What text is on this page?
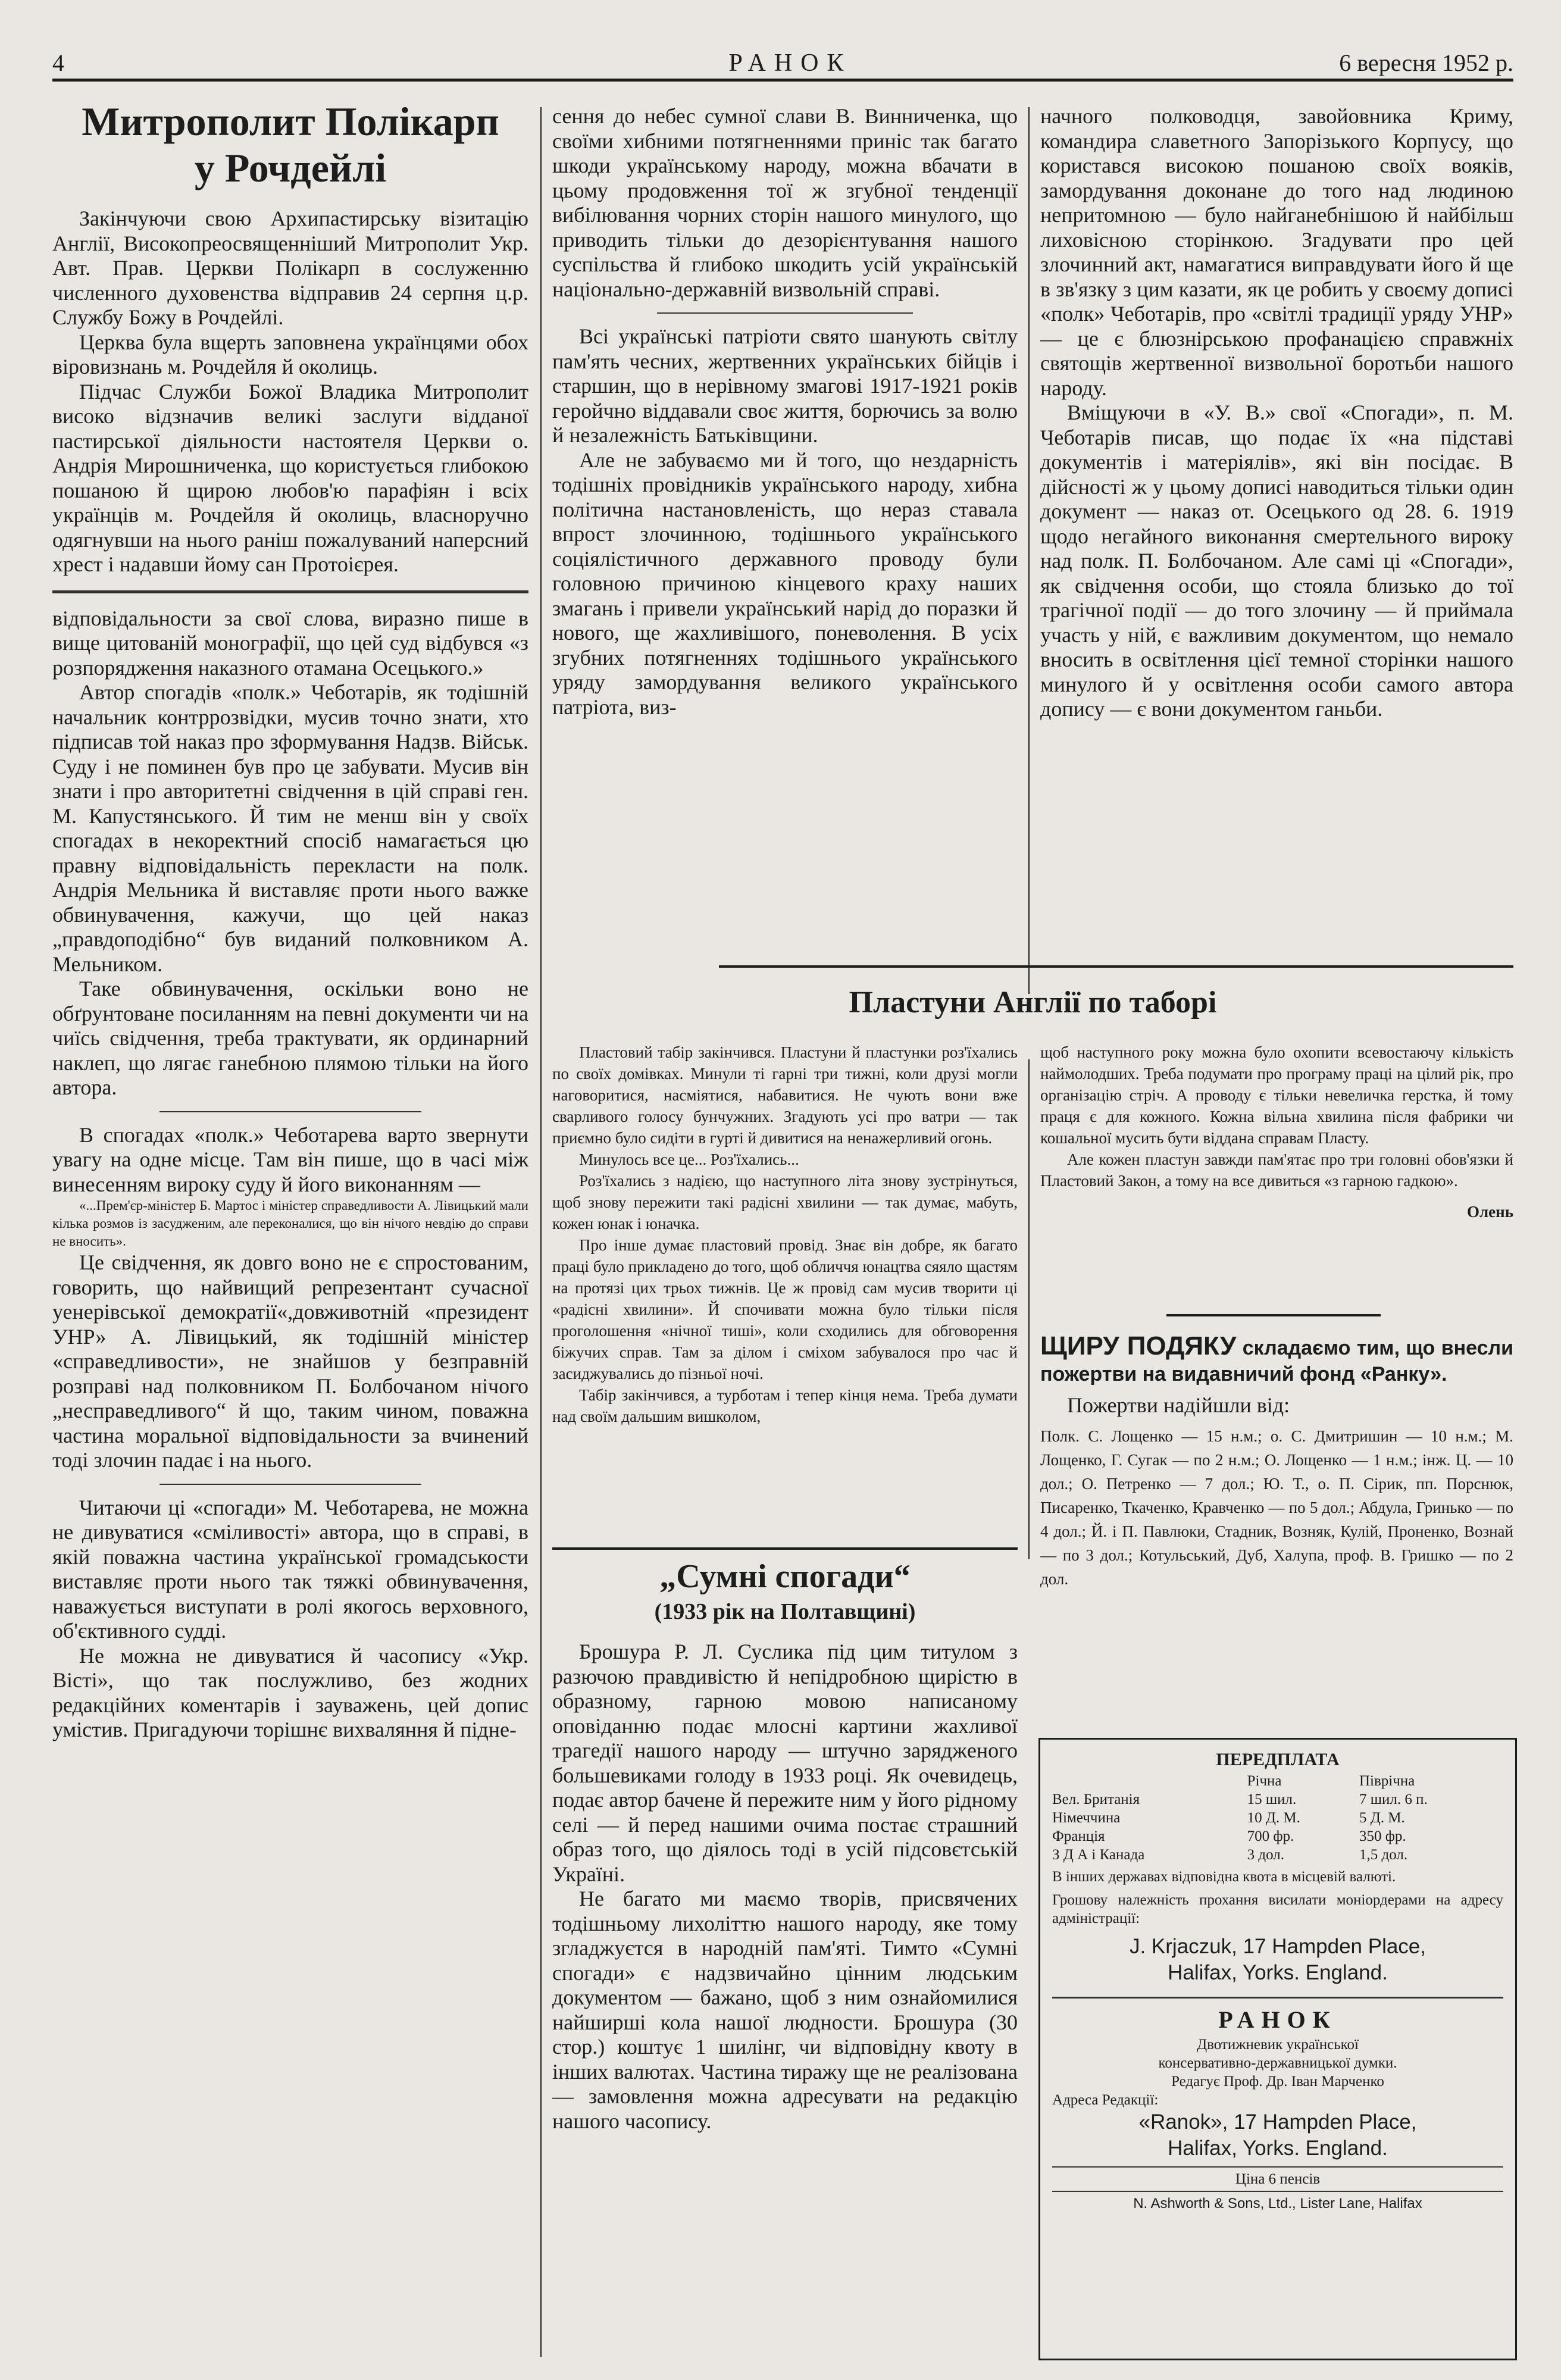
4	РАНОК	6 вересня 1952 р.

Митрополит Полікарп

у Рочдейлі

Закінчуючи свою Архипастирську візитацію Англії, Високопреосвященніший Митрополит Укр. Авт. Прав. Церкви Полікарп в сослуженню численного духовенства відправив 24 серпня ц.р. Службу Божу в Рочдейлі.

Церква була вщерть заповнена українцями обох віровизнань м. Рочдейля й околиць.

Підчас Служби Божої Владика Митрополит високо відзначив великі заслуги відданої пастирської діяльности настоятеля Церкви о. Андрія Мирошниченка, що користується глибокою пошаною й щирою любов'ю парафіян і всіх українців м. Рочдейля й околиць, власноручно одягнувши на нього раніш пожалуваний наперсний хрест і надавши йому сан Протоієрея.

відповідальности за свої слова, виразно пише в вище цитованій монографії, що цей суд відбувся «з розпорядження наказного отамана Осецького.»

Автор спогадів «полк.» Чеботарів, як тодішній начальник контррозвідки, мусив точно знати, хто підписав той наказ про зформування Надзв. Військ. Суду і не поминен був про це забувати. Мусив він знати і про авторитетні свідчення в цій справі ген. М. Капустянського. Й тим не менш він у своїх спогадах в некоректний спосіб намагається цю правну відповідальність перекласти на полк. Андрія Мельника й виставляє проти нього важке обвинувачення, кажучи, що цей наказ „правдоподібно“ був виданий полковником А. Мельником.

Таке обвинувачення, оскільки воно не обґрунтоване посиланням на певні документи чи на чиїсь свідчення, треба трактувати, як ординарний наклеп, що лягає ганебною плямою тільки на його автора.

В спогадах «полк.» Чеботарева варто звернути увагу на одне місце. Там він пише, що в часі між винесенням вироку суду й його виконанням —

«...Прем'єр-міністер Б. Мартос і міністер справедливости А. Лівицький мали кілька розмов із засудженим, але переконалися, що він нічого невдію до справи не вносить».

Це свідчення, як довго воно не є спростованим, говорить, що найвищий репрезентант сучасної уенерівської демократії«,довживотній «президент УНР» А. Лівицький, як тодішній міністер «справедливости», не знайшов у безправній розправі над полковником П. Болбочаном нічого „несправедливого“ й що, таким чином, поважна частина моральної відповідальности за вчинений тоді злочин падає і на нього.

Читаючи ці «спогади» М. Чеботарева, не можна не дивуватися «сміливості» автора, що в справі, в якій поважна частина української громадськости виставляє проти нього так тяжкі обвинувачення, наважується виступати в ролі якогось верховного, об'єктивного судді.

Не можна не дивуватися й часопису «Укр. Вісті», що так послужливо, без жодних редакційних коментарів і зауважень, цей допис умістив. Пригадуючи торішнє вихваляння й підне-

сення до небес сумної слави В. Винниченка, що своїми хибними потягненнями приніс так багато шкоди українському народу, можна вбачати в цьому продовження тої ж згубної тенденції вибілювання чорних сторін нашого минулого, що приводить тільки до дезорієнтування нашого суспільства й глибоко шкодить усій українській національно-державній визвольній справі.

Всі українські патріоти свято шанують світлу пам'ять чесних, жертвенних українських бійців і старшин, що в нерівному змагові 1917-1921 років геройчно віддавали своє життя, борючись за волю й незалежність Батьківщини.

Але не забуваємо ми й того, що нездарність тодішніх провідників українського народу, хибна політична настановленість, що нераз ставала впрост злочинною, тодішнього українського соціялістичного державного проводу були головною причиною кінцевого краху наших змагань і привели український нарід до поразки й нового, ще жахливішого, поневолення. В усіх згубних потягненнях тодішнього українського уряду замордування великого українського патріота, виз-

начного полководця, завойовника Криму, командира славетного Запорізького Корпусу, що користався високою пошаною своїх вояків, замордування доконане до того над людиною непритомною — було найганебнішою й найбільш лиховісною сторінкою. Згадувати про цей злочинний акт, намагатися виправдувати його й ще в зв'язку з цим казати, як це робить у своєму дописі «полк» Чеботарів, про «світлі традиції уряду УНР» — це є блюзнірською профанацією справжніх святощів жертвенної визвольної боротьби нашого народу.

Вміщуючи в «У. В.» свої «Спогади», п. М. Чеботарів писав, що подає їх «на підставі документів і матеріялів», які він посідає. В дійсності ж у цьому дописі наводиться тільки один документ — наказ от. Осецького од 28. 6. 1919 щодо негайного виконання смертельного вироку над полк. П. Болбочаном. Але самі ці «Спогади», як свідчення особи, що стояла близько до тої трагічної події — до того злочину — й приймала участь у ній, є важливим документом, що немало вносить в освітлення цієї темної сторінки нашого минулого й у освітлення особи самого автора допису — є вони документом ганьби.

Пластуни Англії по таборі

Пластовий табір закінчився. Пластуни й пластунки роз'їхались по своїх домівках. Минули ті гарні три тижні, коли друзі могли наговоритися, насміятися, набавитися. Не чують вони вже сварливого голосу бунчужних. Згадують усі про ватри — так приємно було сидіти в гурті й дивитися на ненажерливий огонь.

Минулось все це... Роз'їхались...

Роз'їхались з надією, що наступного літа знову зустрінуться, щоб знову пережити такі радісні хвилини — так думає, мабуть, кожен юнак і юначка.

Про інше думає пластовий провід. Знає він добре, як багато праці було прикладено до того, щоб обличчя юнацтва сяяло щастям на протязі цих трьох тижнів. Це ж провід сам мусив творити ці «радісні хвилини». Й спочивати можна було тільки після проголошення «нічної тиші», коли сходились для обговорення біжучих справ. Там за ділом і сміхом забувалося про час й засиджувались до пізньої ночі.

Табір закінчився, а турботам і тепер кінця нема. Треба думати над своїм дальшим вишколом,

щоб наступного року можна було охопити всевостаючу кількість наймолодших. Треба подумати про програму праці на цілий рік, про організацію стріч. А проводу є тільки невеличка герстка, й тому праця є для кожного. Кожна вільна хвилина після фабрики чи кошальної мусить бути віддана справам Пласту.

Але кожен пластун завжди пам'ятає про три головні обов'язки й Пластовий Закон, а тому на все дивиться «з гарною гадкою».

Олень

„Сумні спогади“

(1933 рік на Полтавщині)

Брошура Р. Л. Суслика під цим титулом з разючою правдивістю й непідробною щирістю в образному, гарною мовою написаному оповіданню подає млосні картини жахливої трагедії нашого народу — штучно заряджeного большевиками голоду в 1933 році. Як очевидець, подає автор бачене й пережите ним у його рідному селі — й перед нашими очима постає страшний образ того, що діялось тоді в усій підсовєтській Україні.

Не багато ми маємо творів, присвячених тодішньому лихоліттю нашого народу, яке тому згладжуєтся в народній пам'яті. Тимто «Сумні спогади» є надзвичайно цінним людським документом — бажано, щоб з ним ознайомилися найширші кола нашої людности. Брошура (30 стор.) коштує 1 шилінг, чи відповідну квоту в інших валютах. Частина тиражу ще не реалізована — замовлення можна адресувати на редакцію нашого часопису.

ЩИРУ ПОДЯКУ складаємо тим, що внесли пожертви на видавничий фонд «Ранку».

Пожертви надійшли від:

Полк. С. Лощенко — 15 н.м.; о. С. Дмитришин — 10 н.м.; М. Лощенко, Г. Сугак — по 2 н.м.; О. Лощенко — 1 н.м.; інж. Ц. — 10 дол.; О. Петренко — 7 дол.; Ю. Т., о. П. Сірик, пп. Порснюк, Писаренко, Ткаченко, Кравченко — по 5 дол.; Абдула, Гринько — по 4 дол.; Й. і П. Павлюки, Стадник, Возняк, Кулій, Проненко, Вознай — по 3 дол.; Котульський, Дуб, Халупа, проф. В. Гришко — по 2 дол.

ПЕРЕДПЛАТА

	Річна	Піврічна
Вел. Британія	15 шил.	7 шил. 6 п.
Німеччина	10 Д. М.	5 Д. М.
Франція	700 фр.	350 фр.
З Д А і Канада	3 дол.	1,5 дол.

В інших державах відповідна квота в місцевій валюті.

Грошову належність прохання висилати моніордерами на адресу адміністрації:

J. Krjaczuk, 17 Hampden Place,

Halifax, Yorks. England.

РАНОК

Двотижневик української

консервативно-державницької думки.

Редагує Проф. Др. Іван Марченко

Адреса Редакції:

«Ranok», 17 Hampden Place,

Halifax, Yorks. England.

Ціна 6 пенсів

N. Ashworth & Sons, Ltd., Lister Lane, Halifax
